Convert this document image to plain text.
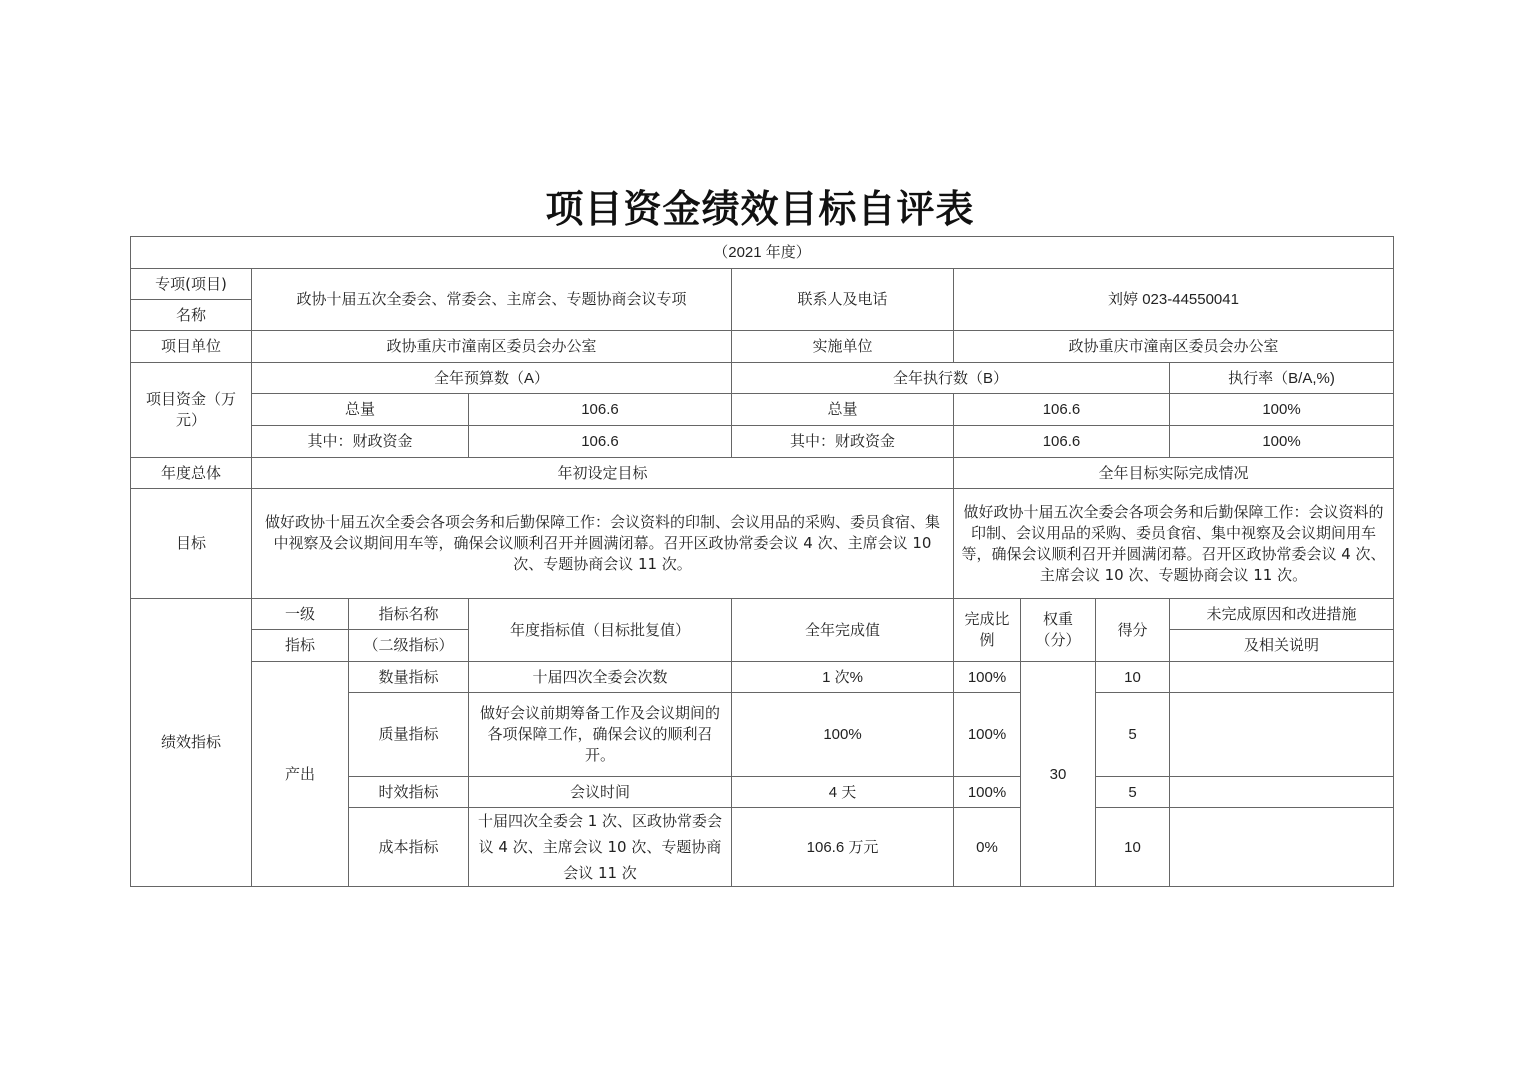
项目资金绩效目标自评表
（2021 年度）								
专项(项目)	政协十届五次全委会、常委会、主席会、专题协商会议专项			联系人及电话	刘婷 023-44550041			
名称								
项目单位	政协重庆市潼南区委员会办公室			实施单位	政协重庆市潼南区委员会办公室			
项目资金（万元）	全年预算数（A）			全年执行数（B）				执行率（B/A,%)
	总量		106.6	总量	106.6			100%
	其中：财政资金		106.6	其中：财政资金	106.6			100%
年度总体	年初设定目标				全年目标实际完成情况			
目标	做好政协十届五次全委会各项会务和后勤保障工作：会议资料的印制、会议用品的采购、委员食宿、集中视察及会议期间用车等，确保会议顺利召开并圆满闭幕。召开区政协常委会议 4 次、主席会议 10 次、专题协商会议 11 次。				做好政协十届五次全委会各项会务和后勤保障工作：会议资料的印制、会议用品的采购、委员食宿、集中视察及会议期间用车等，确保会议顺利召开并圆满闭幕。召开区政协常委会议 4 次、主席会议 10 次、专题协商会议 11 次。			
绩效指标	一级	指标名称	年度指标值（目标批复值）	全年完成值	完成比例	权重（分）	得分	未完成原因和改进措施
	指标	（二级指标）						及相关说明
	产出	数量指标	十届四次全委会次数	1 次%	100%	30	10	
		质量指标	做好会议前期筹备工作及会议期间的各项保障工作，确保会议的顺利召开。	100%	100%		5	
		时效指标	会议时间	4 天	100%		5	
		成本指标	十届四次全委会 1 次、区政协常委会议 4 次、主席会议 10 次、专题协商会议 11 次	106.6 万元	0%		10	
